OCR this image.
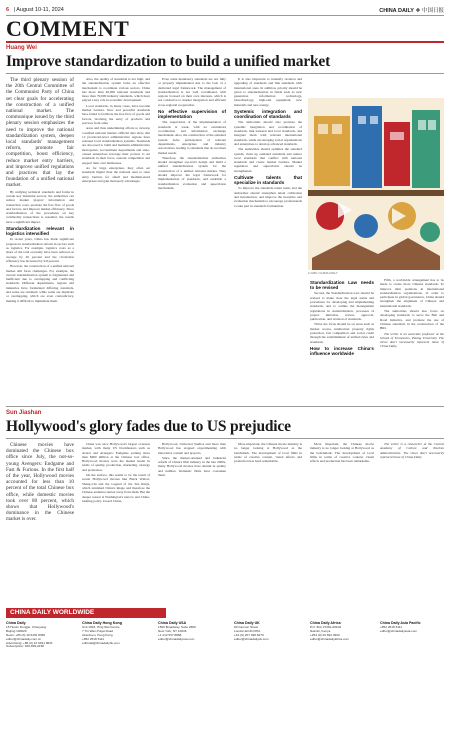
6 | August 10-11, 2024	CHINA DAILY ❖ 中国日报
COMMENT
Huang Wei
Improve standardization to build a unified market

The third plenary session of the 20th Central Committee of the Communist Party of China set clear goals for accelerating the construction of a unified national market. The communique issued by the third plenary session emphasizes the need to improve the national standardization system, deepen local standards' management reform, promote fair competition, boost efficiency, reduce market entry barriers, and improve unified regulations and practices that lay the foundation of a unified national market.

By unifying technical standards and forms in certain key industrial sectors, the authorities can reduce market players' information and transaction costs, promote the free flow of goods and factors, and improve market efficiency. Since standardization of the procedures on key commodity transactions is essential, the results have a significant impact.

Standardization relevant in logistics intensified

In recent years, China has made significant progress in standardization reform in sectors such as logistics. For example, logistics costs as a share of the total economy have been reduced on average by 20 percent and the circulation efficiency has increased by 9.8 percent.

However, the construction of a unified national market still faces challenges. For example, the current standardization system is fragmented and inefficient due to overlapping and conflicting standards. Different departments, regions and industries have formulated differing standards, and some are outdated, while some are duplicate or overlapping, which are even contradictory, making it difficult to implement them.

Also, the quality of standards is not high, and the standardization system lacks an effective mechanism to coordinate various sectors. China has more than 40,000 national standards and more than 70,000 industry standards, which have played a key role in economic development.

Local standards, in many cases, have become market barriers. New and powerful standards have failed to facilitate the free flow of goods and factors, blocking the entry of products and services from other

areas and thus undermining efforts to develop a unified national market. Official data show that 12 provincial-level administrative regions have released local standardization systems. Standards are also used to build and maintain administrative monopolies. Government departments and state-owned enterprises leverage their powers to set standards in their favor, restrain competition and support their own businesses.

As for large enterprises, they often set standards higher than the national ones to raise entry barriers for small and medium-sized enterprises and gain monopoly advantages.

Even some mandatory standards are not fully or properly implemented due to the lack of a dedicated legal framework. The management of standardization is not well coordinated, with regions focused on their own interests, which is not conducive to market integration and efficient cross-regional cooperation.

No effective supervision of implementation

The supervision of the implementation of standards is weak, with no centralized coordination and information exchange mechanism. Also, the construction of the standard system lacks participation of relevant departments, enterprises and industry associations, leading to standards that do not meet market needs.

Therefore, the standardization authorities should strengthen top-level design and build a unified standardization system for the construction of a unified national market. They should improve the legal framework for implementation of standards, and establish a standardization evaluation and supervision mechanism.

It is also important to intensify revision and upgrading of standards and link standards with international ones. In addition, priority should be given to standardization in fields such as new generation information technology, biotechnology, high-end equipment, new materials and new energy.

Systemic integration and coordination of standards

The authorities should also promote the systemic integration and coordination of standards, link national and local standards, and integrate them with relevant international standards, while encouraging social organizations and enterprises to develop advanced standards.

The authorities should optimize the standard system, clean up outdated standards and reduce local standards that conflict with national standards and create market barriers. Market regulation and supervision should be strengthened.

Cultivate talents that specialize in standards

To improve the standards talent team, and the authorities should strengthen talent cultivation and introduction, and improve the incentive and evaluation mechanism to encourage professionals to take part in standards formulation.

LI MIN / CHINA DAILY
Standardization Law needs to be revised

Second, the Standardization Law should be revised to make clear the legal status and procedures for developing and implementing standards, and to outline the management regulations in standardization, processes of project initiation, review, approval, publication, and revision of standards.

Third, the focus should be on areas such as market access, intellectual property rights protection, fair competition and social credit through the establishment of unified rules and standards.

How to increase China's influence worldwide

Fifth, a worldwide arrangement has to be made to create more Chinese standards. To improve their positions in international standardization organizations, in order to participate in global governance, China should strengthen the alignment of Chinese and international standards.

The authorities should also focus on developing standards to serve the Belt and Road Initiative, and promote the use of Chinese standards in the construction of the BRI.

The writer is an associate professor at the School of Economics, Peking University. The views don't necessarily represent those of China Daily.

Sun Jiashan
Hollywood's glory fades due to US prejudice

Chinese movies have dominated the Chinese box office since July, the not-so-young Avengers: Endgame and Fast & Furious. In the first half of the year, Hollywood movies accounted for less than 10 percent of the total Chinese box office, while domestic movies took over 80 percent, which shows that Hollywood's dominance in the Chinese market is over.

China was once Hollywood's largest overseas market, with many US blockbusters such as Avatar and Avengers: Endgame earning more than $600 million at the Chinese box office. Hollywood movies were the market leader in terms of quality, production, marketing, strategy and promotion.

On the surface, this seems to be the result of recent Hollywood movies like Black Widow, Shang-Chi and the Legend of the Ten Rings, which tarnished China's image and therefore the Chinese audience turned away from them. But the deeper reason is Washington's narrow and China-bashing policy toward China.

Hollywood, Universal Studios and more than Hollywood has stopped experimenting with innovative content and projects.

Since the market-oriented and industrial reform of China's film industry in the late 2000s, many Hollywood movies have shrunk in quality and number. Domestic films have overtaken them.

More important, the Chinese movie industry is no longer looking at Hollywood as the benchmark. The development of local films in terms of creative content, visual effects and production has been remarkable.

More important, the Chinese movie industry is no longer looking at Hollywood as the benchmark. The development of local films in terms of creative content, visual effects and production has been remarkable.

The writer is a researcher at the Central Academy of Culture and Tourism Administration. The views don't necessarily represent those of China Daily.

CHINA DAILY WORLDWIDE
China Daily
15 Huixin Dongjie, Chaoyang
Beijing 100029
News: +86 (0) 10 6491 8366
editor@chinadaily.com.cn
Advertising: +86 (0) 10 6491 8631
Subscription: 400-699-0158
China Daily Hong Kong
Unit 1818, Hing Wai Centre
7 Tin Wan Praya Road
Aberdeen, Hong Kong
+852 2518 5111
editorial@chinadailyhk.com
China Daily USA
1500 Broadway, Suite 2800
New York, NY 10036
+1 212 537 8888
editor@chinadailyusa.com
China Daily UK
90 Cannon Street
London EC4N 6HA
+44 (0) 207 398 8270
editor@chinadailyuk.com
China Daily Africa
P.O. Box 27281-00100
Nairobi, Kenya
+254 (0) 20 692 0900
editor@chinadailyafrica.com
China Daily Asia Pacific
+852 2518 5111
editor@chinadailyasia.com
